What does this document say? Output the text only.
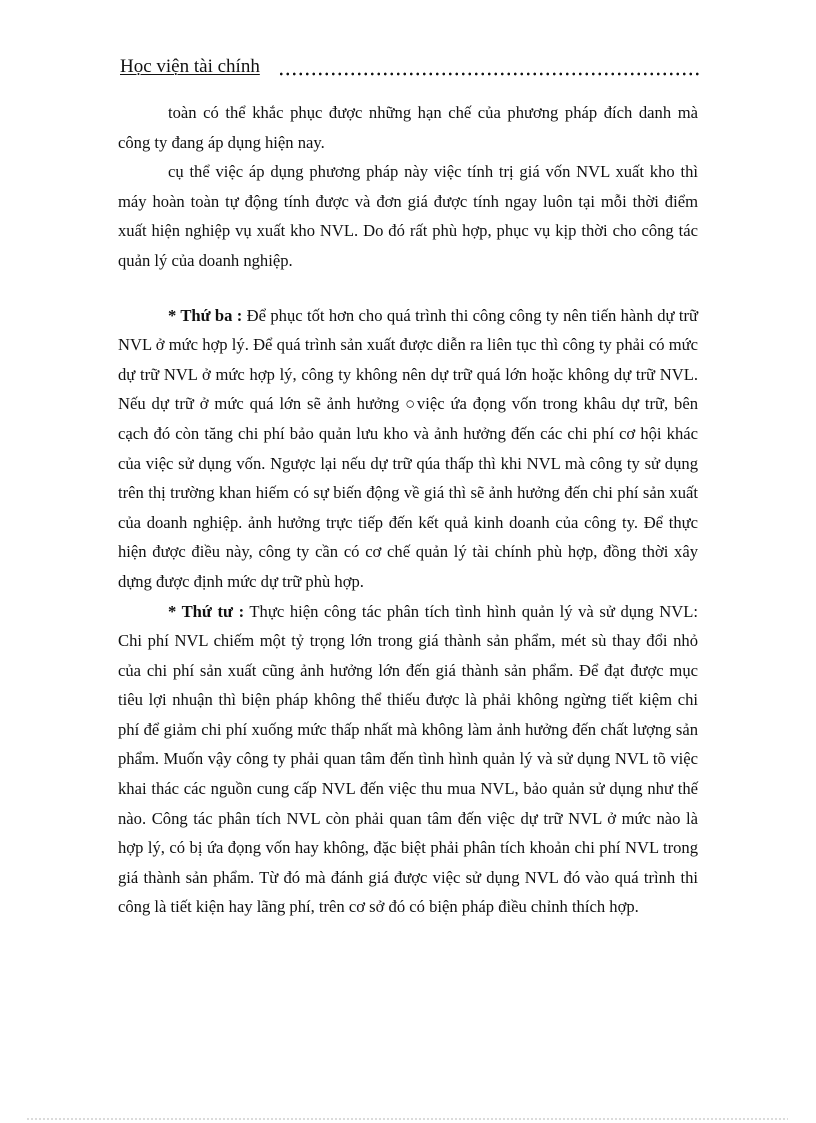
Học viện tài chính

toàn có thể khắc phục được những hạn chế của phương pháp đích danh mà công ty đang áp dụng hiện nay.

cụ thể việc áp dụng phương pháp này việc tính trị giá vốn NVL xuất kho thì máy hoàn toàn tự động tính được và đơn giá được tính ngay luôn tại mỗi thời điểm xuất hiện nghiệp vụ xuất kho NVL. Do đó rất phù hợp, phục vụ kịp thời cho công tác quản lý của doanh nghiệp.

* Thứ ba : Để phục tốt hơn cho quá trình thi công công ty nên tiến hành dự trữ NVL ở mức hợp lý. Để quá trình sản xuất được diễn ra liên tục thì công ty phải có mức dự trữ NVL ở mức hợp lý, công ty không nên dự trữ quá lớn hoặc không dự trữ NVL. Nếu dự trữ ở mức quá lớn sẽ ảnh hưởng ○việc ứa đọng vốn trong khâu dự trữ, bên cạch đó còn tăng chi phí bảo quản lưu kho và ảnh hưởng đến các chi phí cơ hội khác của việc sử dụng vốn. Ngược lại nếu dự trữ qúa thấp thì khi NVL mà công ty sử dụng trên thị trường khan hiếm có sự biến động về giá thì sẽ ảnh hưởng đến chi phí sản xuất của doanh nghiệp. ảnh hưởng trực tiếp đến kết quả kinh doanh của công ty. Để thực hiện được điều này, công ty cần có cơ chế quản lý tài chính phù hợp, đồng thời xây dựng được định mức dự trữ phù hợp.

* Thứ tư : Thực hiện công tác phân tích tình hình quản lý và sử dụng NVL: Chi phí NVL chiếm một tỷ trọng lớn trong giá thành sản phẩm, mét sù thay đổi nhỏ của chi phí sản xuất cũng ảnh hưởng lớn đến giá thành sản phẩm. Để đạt được mục tiêu lợi nhuận thì biện pháp không thể thiếu được là phải không ngừng tiết kiệm chi phí để giảm chi phí xuống mức thấp nhất mà không làm ảnh hưởng đến chất lượng sản phẩm. Muốn vậy công ty phải quan tâm đến tình hình quản lý và sử dụng NVL tõ việc khai thác các nguồn cung cấp NVL đến việc thu mua NVL, bảo quản sử dụng như thế nào. Công tác phân tích NVL còn phải quan tâm đến việc dự trữ NVL ở mức nào là hợp lý, có bị ứa đọng vốn hay không, đặc biệt phải phân tích khoản chi phí NVL trong giá thành sản phẩm. Từ đó mà đánh giá được việc sử dụng NVL đó vào quá trình thi công là tiết kiện hay lãng phí, trên cơ sở đó có biện pháp điều chỉnh thích hợp.
